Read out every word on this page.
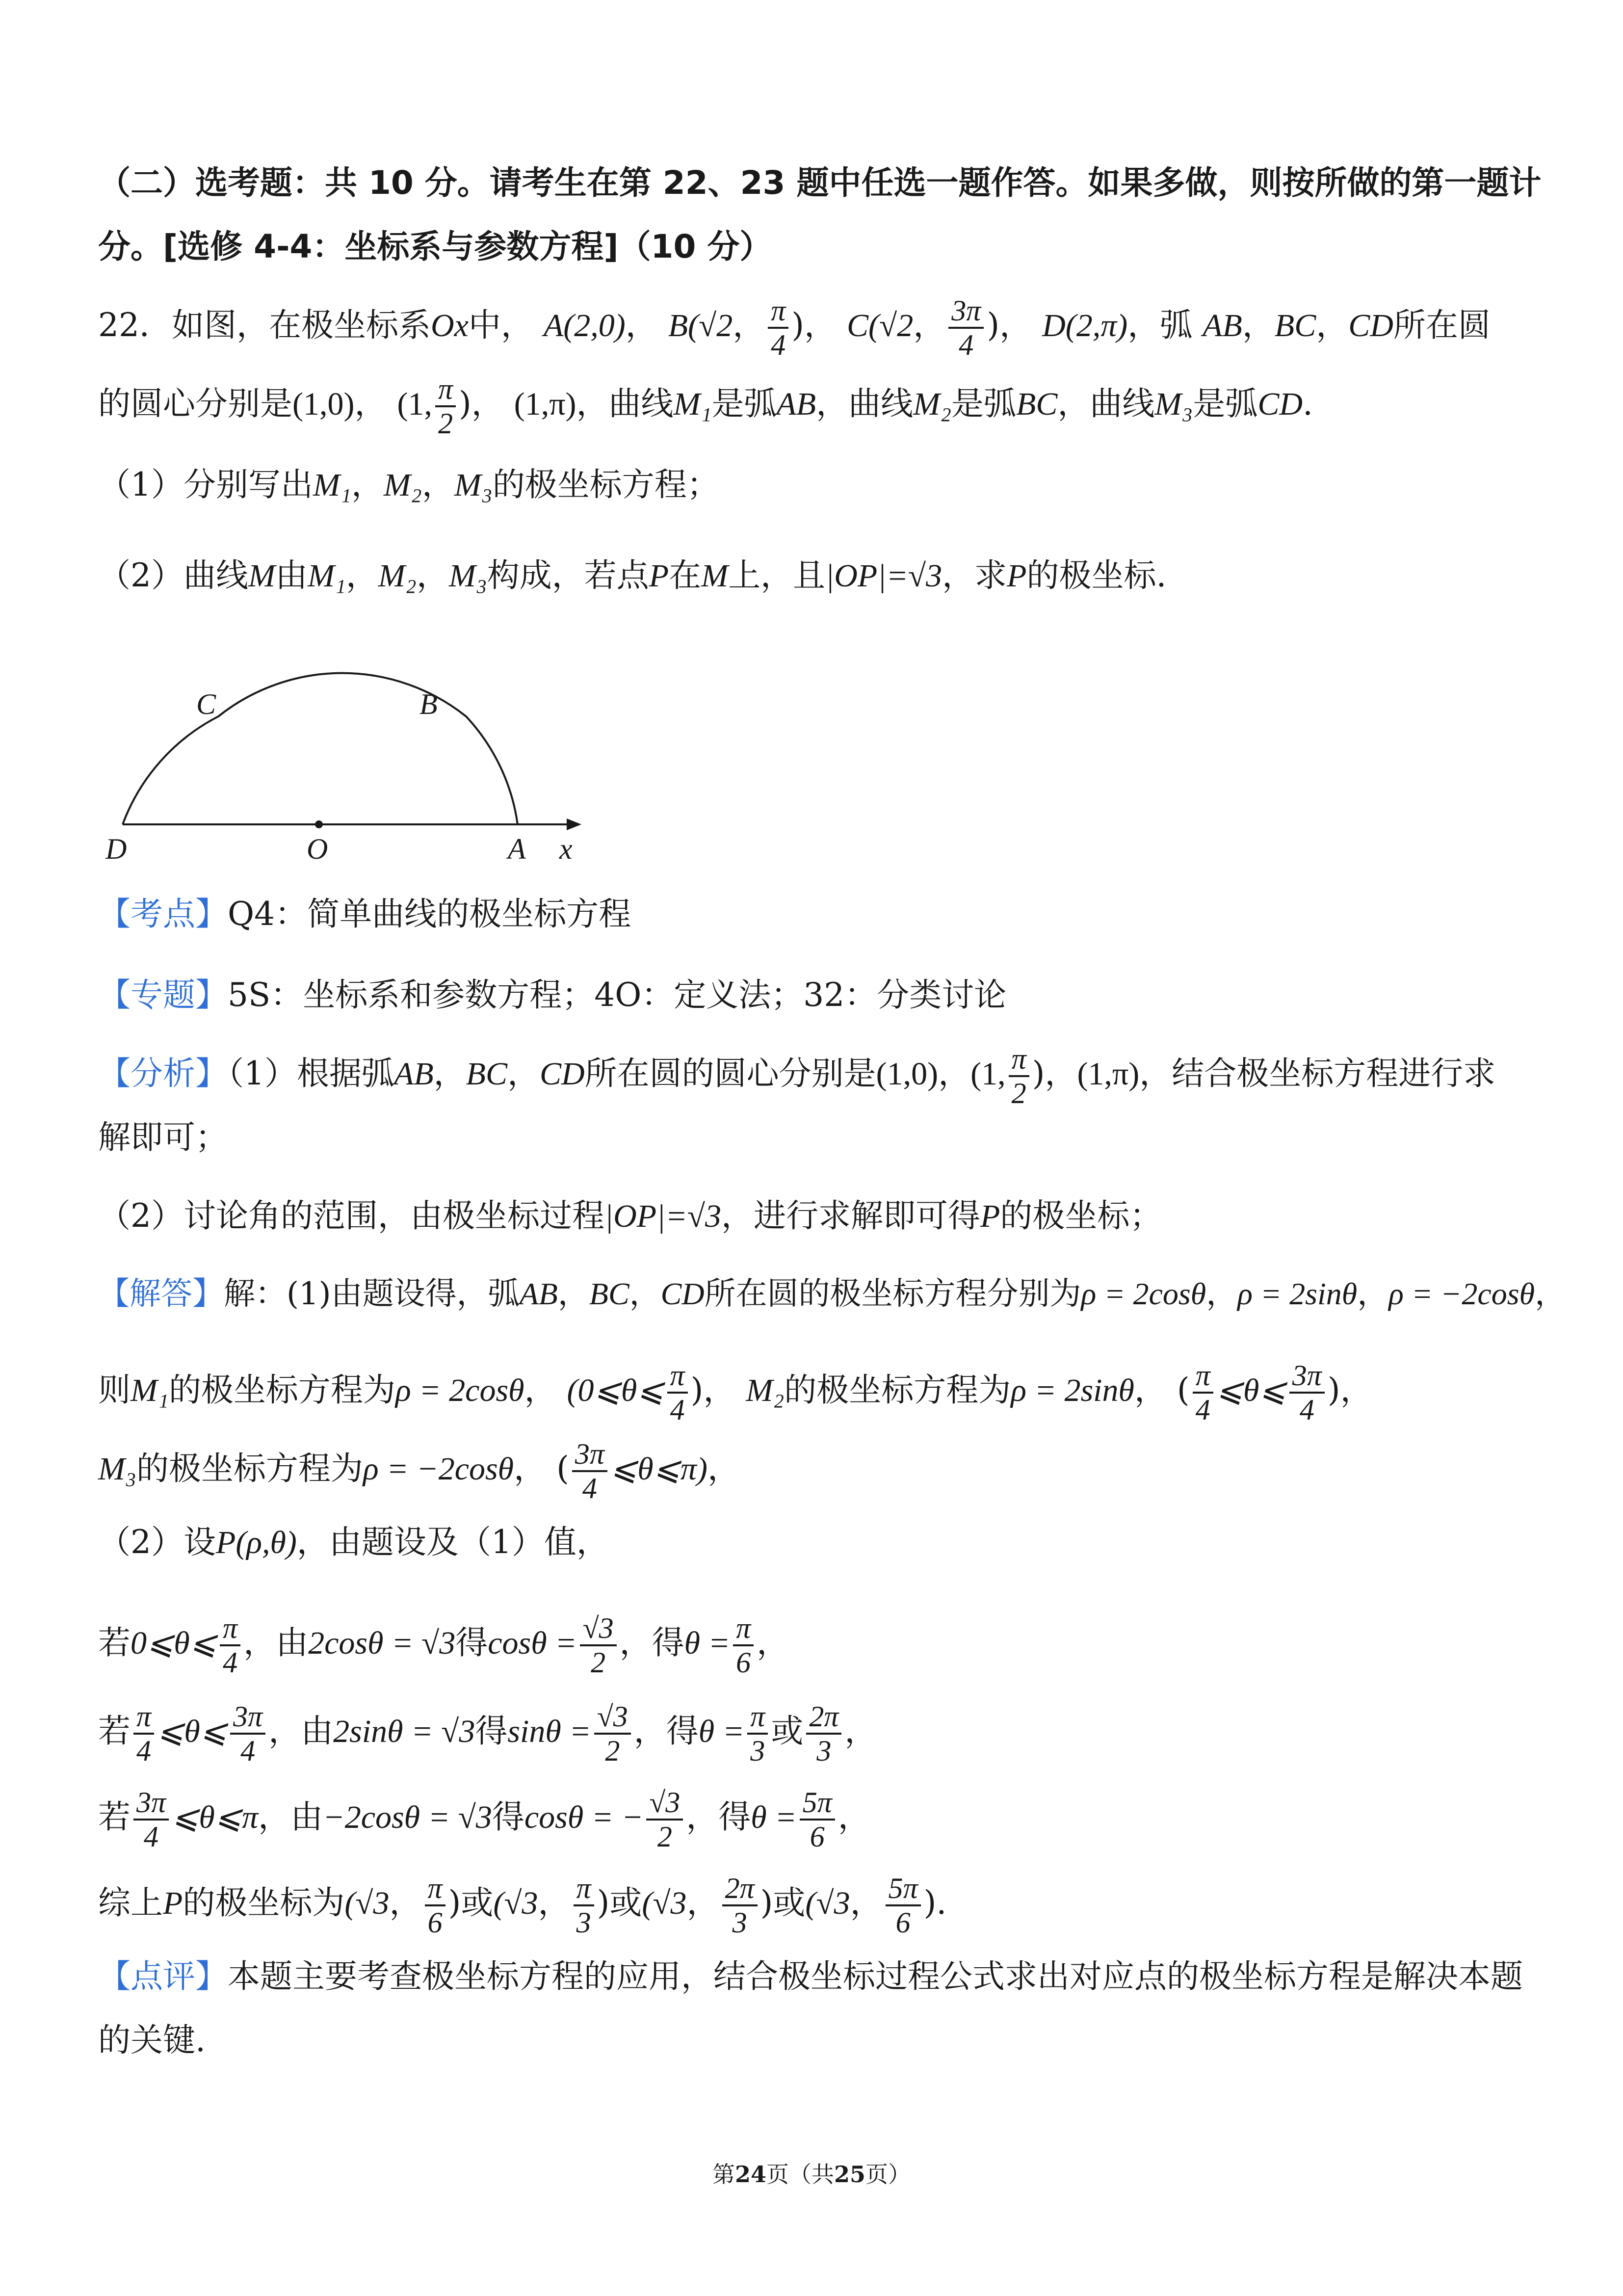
（二）选考题：共 10 分。请考生在第 22、23 题中任选一题作答。如果多做，则按所做的第一题计
分。[选修 4-4：坐标系与参数方程]（10 分）
22．如图，在极坐标系Ox中， A(2,0)， B(√2， $\frac{\pi}{4}$ )， C(√2， $\frac{3\pi}{4}$ )， D(2,π)，弧 AB，BC，CD所在圆
的圆心分别是(1,0)， (1, $\frac{\pi}{2}$ )， (1,π)，曲线M₁是弧AB，曲线M₂是弧BC，曲线M₃是弧CD.
（1）分别写出M₁，M₂，M₃的极坐标方程；
（2）曲线M由M₁，M₂，M₃构成，若点P在M上，且|OP|=√3，求P的极坐标.
C	B
D	O	A x
【考点】Q4：简单曲线的极坐标方程
【专题】5S：坐标系和参数方程；4O：定义法；32：分类讨论
【分析】（1）根据弧AB，BC，CD所在圆的圆心分别是(1,0)，(1, $\frac{\pi}{2}$ )，(1,π)，结合极坐标方程进行求
解即可；
（2）讨论角的范围，由极坐标过程|OP|=√3，进行求解即可得P的极坐标；
【解答】解：(1)由题设得，弧AB，BC，CD所在圆的极坐标方程分别为ρ = 2cosθ，ρ = 2sinθ，ρ = −2cosθ，
则M₁的极坐标方程为ρ = 2cosθ， (0⩽θ⩽ $\frac{\pi}{4}$ )， M₂的极坐标方程为ρ = 2sinθ， ( $\frac{\pi}{4}$ ⩽θ⩽ $\frac{3\pi}{4}$ )，
M₃的极坐标方程为ρ = −2cosθ， ( $\frac{3\pi}{4}$ ⩽θ⩽π)，
（2）设P(ρ,θ)，由题设及（1）值，
若0⩽θ⩽ $\frac{\pi}{4}$ ，由2cosθ = √3得$\cos\theta = \frac{√3}{2}$ ，得$\theta = \frac{\pi}{6}$ ，
若 $\frac{\pi}{4}$ ⩽θ⩽ $\frac{3\pi}{4}$ ，由2sinθ = √3得$\sin\theta = \frac{√3}{2}$ ，得$\theta = \frac{\pi}{3}$ 或 $\frac{2\pi}{3}$ ，
若 $\frac{3\pi}{4}$ ⩽θ⩽π，由−2cosθ = √3得cosθ = − $\frac{√3}{2}$ ，得$\theta = \frac{5\pi}{6}$ ，
综上P的极坐标为(√3， $\frac{\pi}{6}$ )或(√3， $\frac{\pi}{3}$ )或(√3， $\frac{2\pi}{3}$ )或(√3， $\frac{5\pi}{6}$ ).
【点评】本题主要考查极坐标方程的应用，结合极坐标过程公式求出对应点的极坐标方程是解决本题
的关键.
第24页（共25页）
